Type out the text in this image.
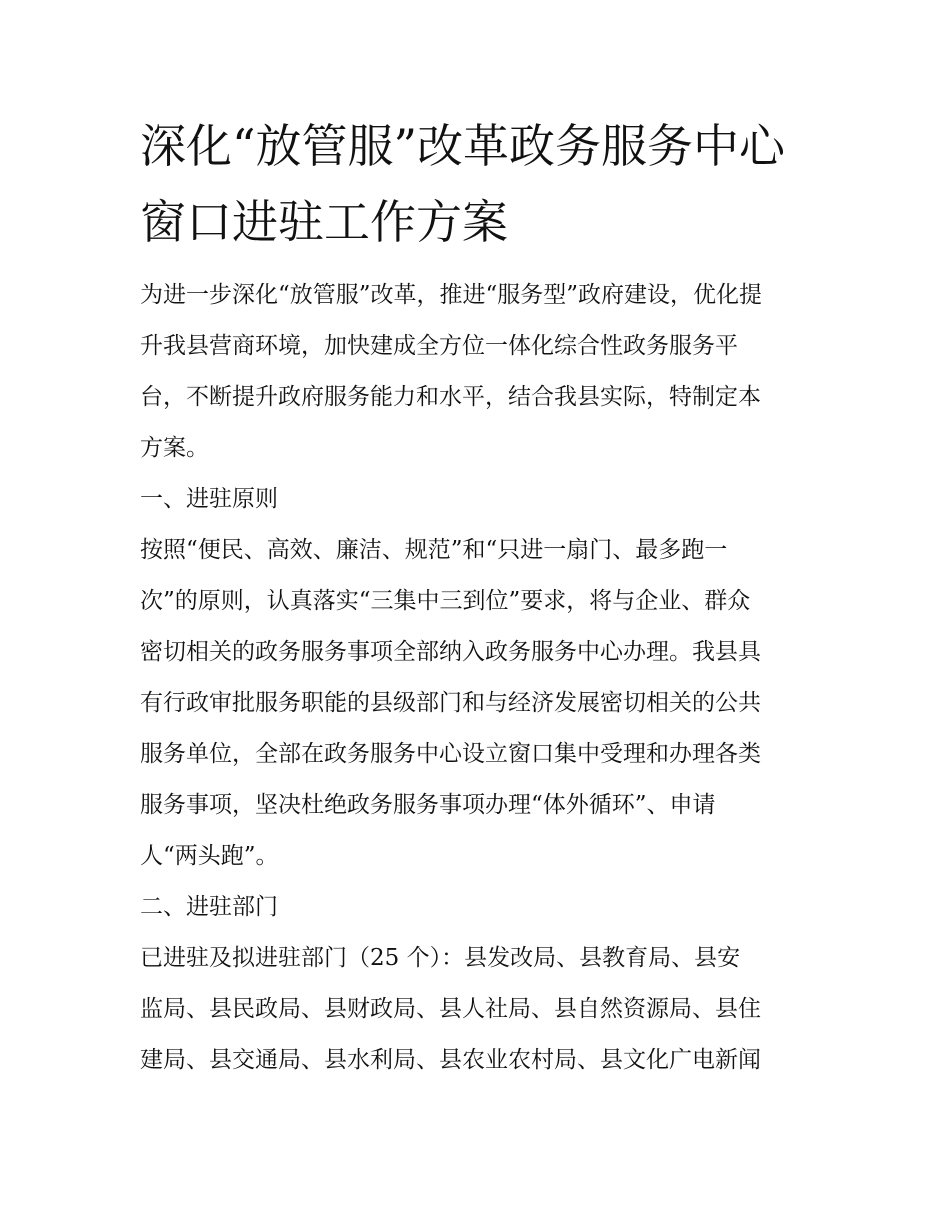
深化“放管服”改革政务服务中心窗口进驻工作方案
为进一步深化“放管服”改革，推进“服务型”政府建设，优化提
升我县营商环境，加快建成全方位一体化综合性政务服务平
台，不断提升政府服务能力和水平，结合我县实际，特制定本
方案。
一、进驻原则
按照“便民、高效、廉洁、规范”和“只进一扇门、最多跑一
次”的原则，认真落实“三集中三到位”要求，将与企业、群众
密切相关的政务服务事项全部纳入政务服务中心办理。我县具
有行政审批服务职能的县级部门和与经济发展密切相关的公共
服务单位，全部在政务服务中心设立窗口集中受理和办理各类
服务事项，坚决杜绝政务服务事项办理“体外循环”、申请
人“两头跑”。
二、进驻部门
已进驻及拟进驻部门（25 个）：县发改局、县教育局、县安
监局、县民政局、县财政局、县人社局、县自然资源局、县住
建局、县交通局、县水利局、县农业农村局、县文化广电新闻
